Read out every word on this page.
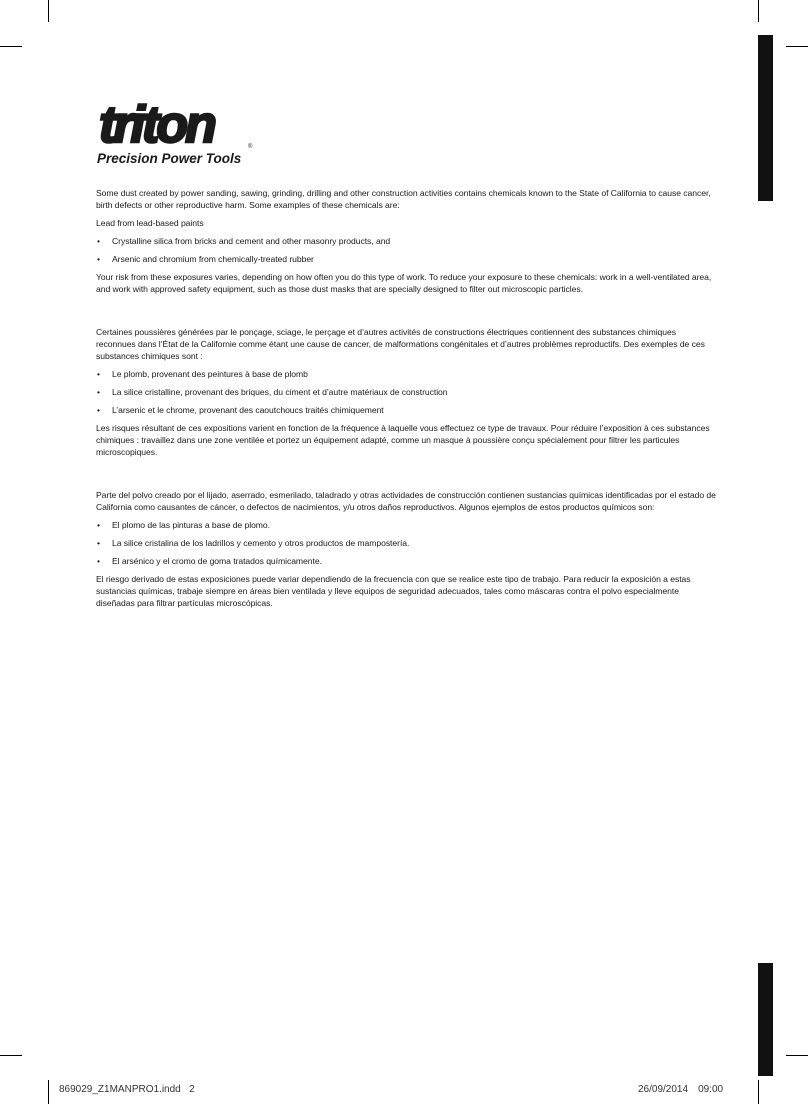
triton	®
Precision Power Tools

Some dust created by power sanding, sawing, grinding, drilling and other construction activities contains chemicals known to the State of California to cause cancer, birth defects or other reproductive harm. Some examples of these chemicals are:

Lead from lead-based paints

• Crystalline silica from bricks and cement and other masonry products, and
• Arsenic and chromium from chemically-treated rubber

Your risk from these exposures varies, depending on how often you do this type of work. To reduce your exposure to these chemicals: work in a well-ventilated area, and work with approved safety equipment, such as those dust masks that are specially designed to filter out microscopic particles.

Certaines poussières générées par le ponçage, sciage, le perçage et d’autres activités de constructions électriques contiennent des substances chimiques reconnues dans l’État de la Californie comme étant une cause de cancer, de malformations congénitales et d’autres problèmes reproductifs. Des exemples de ces substances chimiques sont :

• Le plomb, provenant des peintures à base de plomb
• La silice cristalline, provenant des briques, du ciment et d’autre matériaux de construction
• L’arsenic et le chrome, provenant des caoutchoucs traités chimiquement

Les risques résultant de ces expositions varient en fonction de la fréquence à laquelle vous effectuez ce type de travaux. Pour réduire l’exposition à ces substances chimiques : travaillez dans une zone ventilée et portez un équipement adapté, comme un masque à poussière conçu spécialement pour filtrer les particules microscopiques.

Parte del polvo creado por el lijado, aserrado, esmerilado, taladrado y otras actividades de construcción contienen sustancias químicas identificadas por el estado de California como causantes de cáncer, o defectos de nacimientos, y/u otros daños reproductivos. Algunos ejemplos de estos productos químicos son:

• El plomo de las pinturas a base de plomo.
• La silice cristalina de los ladrillos y cemento y otros productos de mampostería.
• El arsénico y el cromo de goma tratados químicamente.

El riesgo derivado de estas exposiciones puede variar dependiendo de la frecuencia con que se realice este tipo de trabajo. Para reducir la exposición a estas sustancias químicas, trabaje siempre en áreas bien ventilada y lleve equipos de seguridad adecuados, tales como máscaras contra el polvo especialmente diseñadas para filtrar partículas microscópicas.

869029_Z1MANPRO1.indd   2	26/09/2014 09:00
